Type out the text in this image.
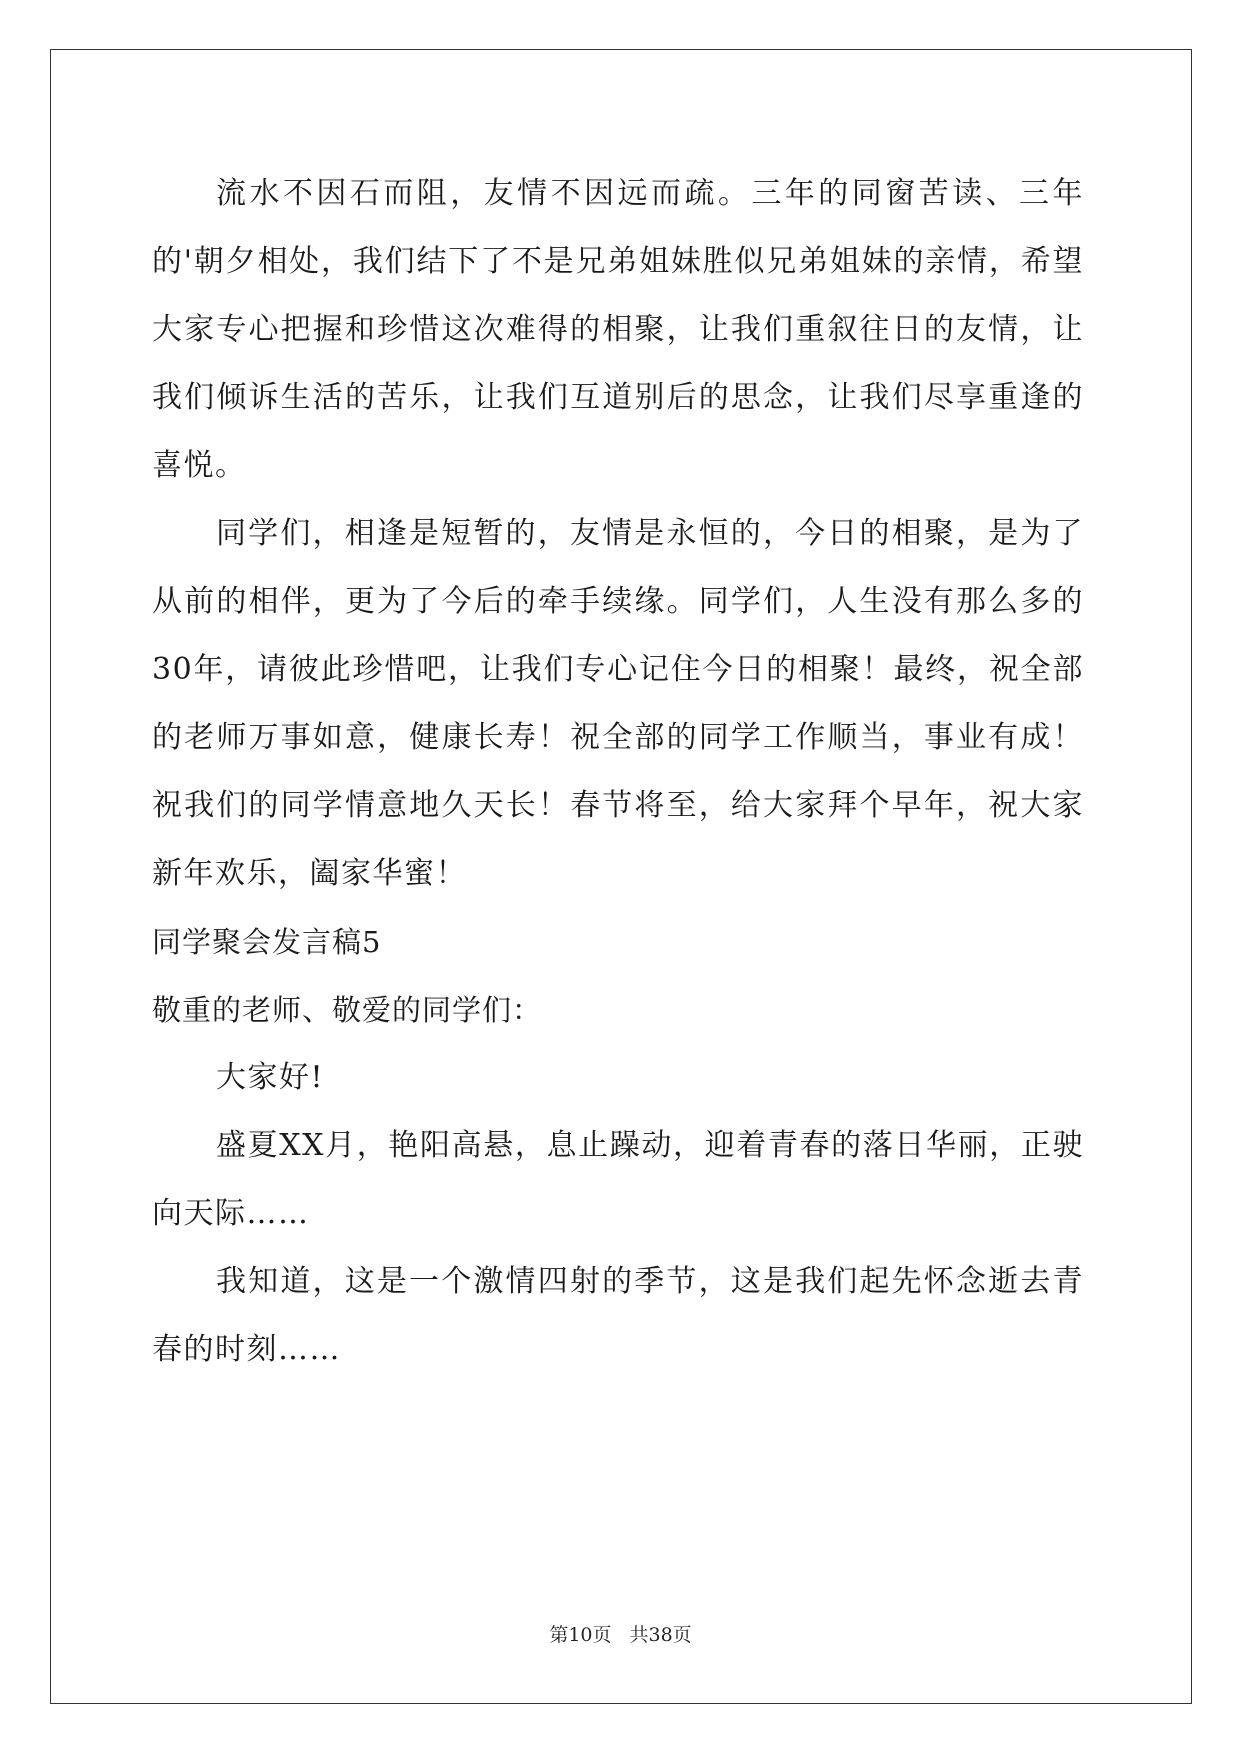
流水不因石而阻，友情不因远而疏。三年的同窗苦读、三年的'朝夕相处，我们结下了不是兄弟姐妹胜似兄弟姐妹的亲情，希望大家专心把握和珍惜这次难得的相聚，让我们重叙往日的友情，让我们倾诉生活的苦乐，让我们互道别后的思念，让我们尽享重逢的喜悦。

同学们，相逢是短暂的，友情是永恒的，今日的相聚，是为了从前的相伴，更为了今后的牵手续缘。同学们，人生没有那么多的30年，请彼此珍惜吧，让我们专心记住今日的相聚！最终，祝全部的老师万事如意，健康长寿！祝全部的同学工作顺当，事业有成！祝我们的同学情意地久天长！春节将至，给大家拜个早年，祝大家新年欢乐，阖家华蜜！

同学聚会发言稿5

敬重的老师、敬爱的同学们：

大家好!

盛夏XX月，艳阳高悬，息止躁动，迎着青春的落日华丽，正驶向天际……

我知道，这是一个激情四射的季节，这是我们起先怀念逝去青春的时刻……

第10页 共38页
